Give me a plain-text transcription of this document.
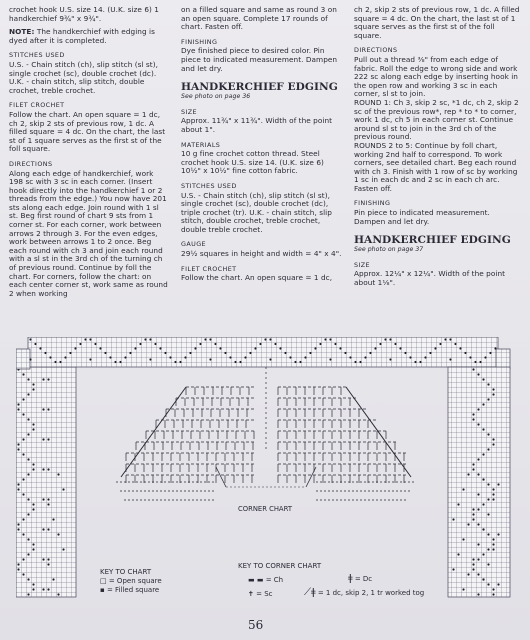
crochet hook U.S. size 14. (U.K. size 6) 1 handkerchief 9¾" x 9¾".

NOTE: The handkerchief with edging is dyed after it is completed.

STITCHES USED

U.S. - Chain stitch (ch), slip stitch (sl st), single crochet (sc), double crochet (dc). U.K. - chain stitch, slip stitch, double crochet, treble crochet.

FILET CROCHET

Follow the chart. An open square = 1 dc, ch 2, skip 2 sts of previous row, 1 dc. A filled square = 4 dc. On the chart, the last st of 1 square serves as the first st of the foll square.

DIRECTIONS

Along each edge of handkerchief, work 198 sc with 3 sc in each corner. (Insert hook directly into the handkerchief 1 or 2 threads from the edge.) You now have 201 sts along each edge. Join round with 1 sl st. Beg first round of chart 9 sts from 1 corner st. For each corner, work between arrows 2 through 3. For the even edges, work between arrows 1 to 2 once. Beg each round with ch 3 and join each round with a sl st in the 3rd ch of the turning ch of previous round. Continue by foll the chart. For corners, follow the chart: on each center corner st, work same as round 2 when working

on a filled square and same as round 3 on an open square. Complete 17 rounds of chart. Fasten off.

FINISHING

Dye finished piece to desired color. Pin piece to indicated measurement. Dampen and let dry.

HANDKERCHIEF EDGING
See photo on page 36
SIZE

Approx. 11¾" x 11¾". Width of the point about 1".

MATERIALS

10 g fine crochet cotton thread. Steel crochet hook U.S. size 14. (U.K. size 6) 10½" x 10½" fine cotton fabric.

STITCHES USED

U.S. - Chain stitch (ch), slip stitch (sl st), single crochet (sc), double crochet (dc), triple crochet (tr). U.K. - chain stitch, slip stitch, double crochet, treble crochet, double treble crochet.

GAUGE

29½ squares in height and width = 4" x 4".

FILET CROCHET

Follow the chart. An open square = 1 dc,

ch 2, skip 2 sts of previous row, 1 dc. A filled square = 4 dc. On the chart, the last st of 1 square serves as the first st of the foll square.

DIRECTIONS

Pull out a thread ⅜" from each edge of fabric. Roll the edge to wrong side and work 222 sc along each edge by inserting hook in the open row and working 3 sc in each corner, sl st to join.

ROUND 1: Ch 3, skip 2 sc, *1 dc, ch 2, skip 2 sc of the previous row*, rep * to * to corner, work 1 dc, ch 5 in each corner st. Continue around sl st to join in the 3rd ch of the previous round.

ROUNDS 2 to 5: Continue by foll chart, working 2nd half to correspond. To work corners, see detailed chart. Beg each round with ch 3. Finish with 1 row of sc by working 1 sc in each dc and 2 sc in each ch arc. Fasten off.

FINISHING

Pin piece to indicated measurement. Dampen and let dry.

HANDKERCHIEF EDGING
See photo on page 37
SIZE

Approx. 12¼" x 12¼". Width of the point about 1⅛".

CORNER CHART
KEY TO CHART
□ = Open square
▪ = Filled square
KEY TO CORNER CHART
▬ ▬ = Ch	ǂ = Dc
✝ = Sc	⟋ǂ = 1 dc, skip 2, 1 tr worked tog
56
